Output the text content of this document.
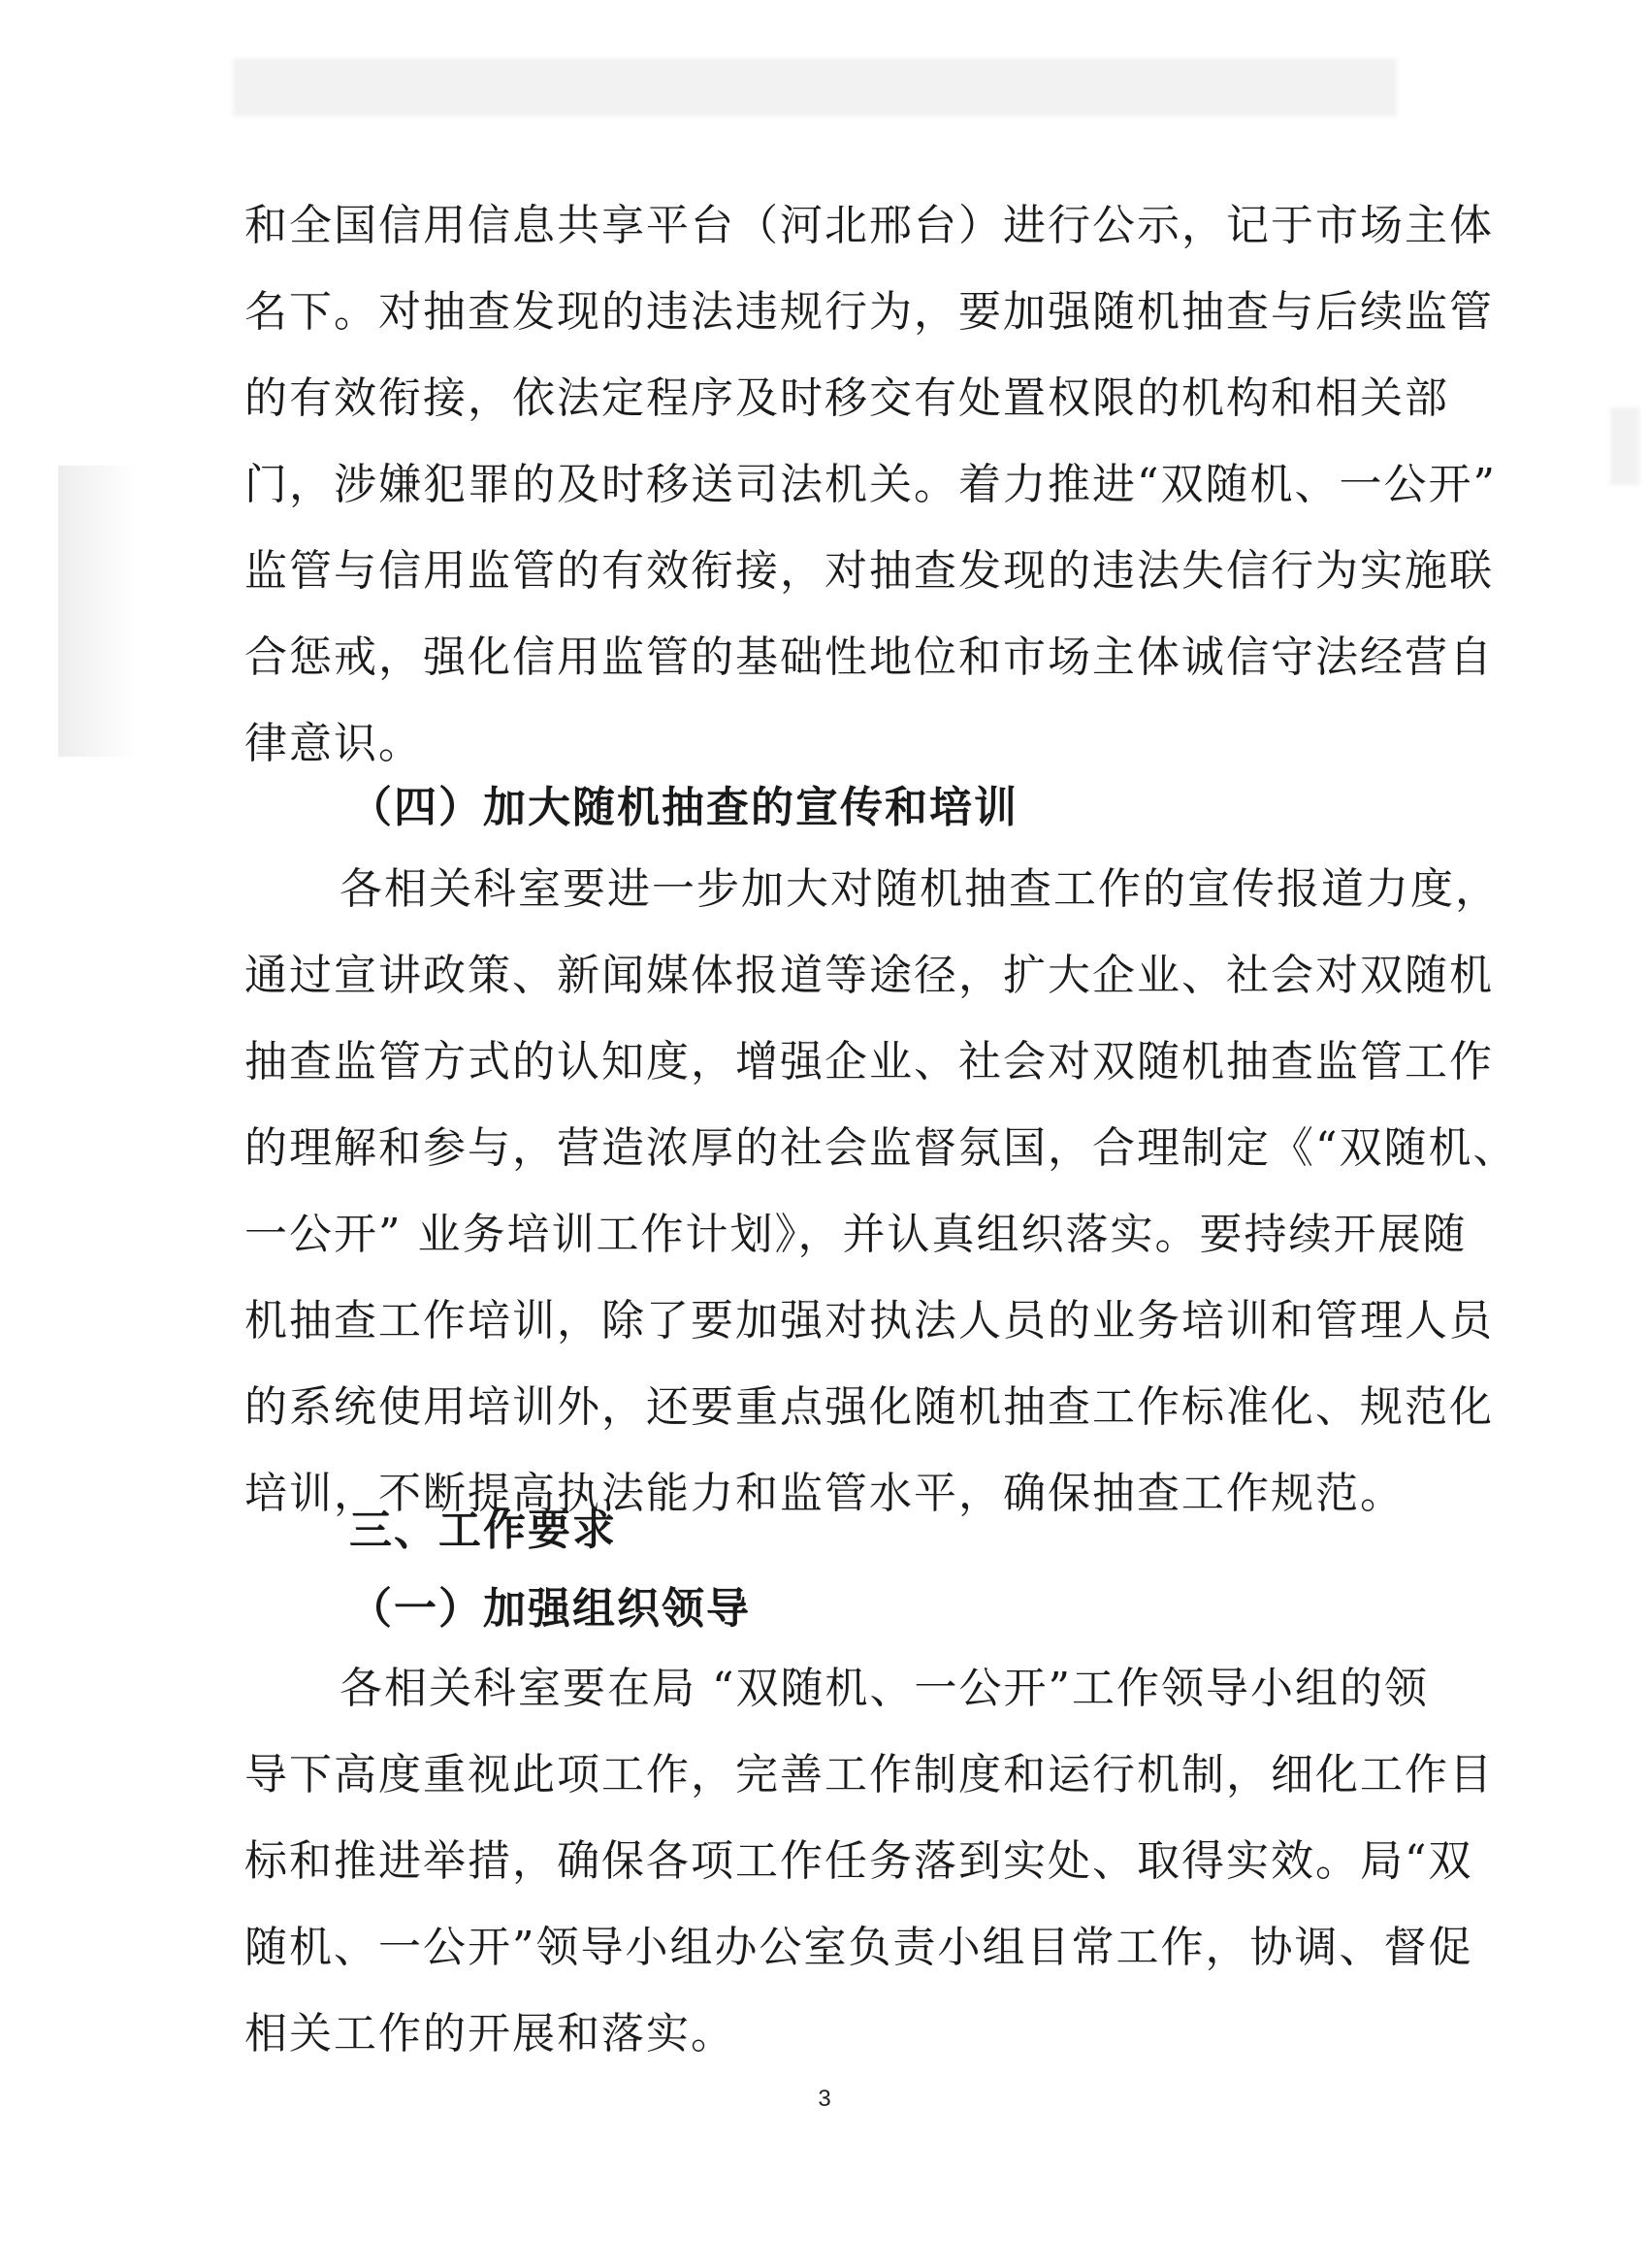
和全国信用信息共享平台（河北邢台）进行公示，记于市场主体
名下。对抽查发现的违法违规行为，要加强随机抽查与后续监管
的有效衔接，依法定程序及时移交有处置权限的机构和相关部
门，涉嫌犯罪的及时移送司法机关。着力推进“双随机、一公开”
监管与信用监管的有效衔接，对抽查发现的违法失信行为实施联
合惩戒，强化信用监管的基础性地位和市场主体诚信守法经营自
律意识。

（四）加大随机抽查的宣传和培训

各相关科室要进一步加大对随机抽查工作的宣传报道力度，
通过宣讲政策、新闻媒体报道等途径，扩大企业、社会对双随机
抽查监管方式的认知度，增强企业、社会对双随机抽查监管工作
的理解和参与，营造浓厚的社会监督氛国，合理制定《“双随机、
一公开” 业务培训工作计划》，并认真组织落实。要持续开展随
机抽查工作培训，除了要加强对执法人员的业务培训和管理人员
的系统使用培训外，还要重点强化随机抽查工作标准化、规范化
培训，不断提高执法能力和监管水平，确保抽查工作规范。

三、工作要求
（一）加强组织领导

各相关科室要在局 “双随机、一公开”工作领导小组的领
导下高度重视此项工作，完善工作制度和运行机制，细化工作目
标和推进举措，确保各项工作任务落到实处、取得实效。局“双
随机、一公开”领导小组办公室负责小组目常工作，协调、督促
相关工作的开展和落实。

3
